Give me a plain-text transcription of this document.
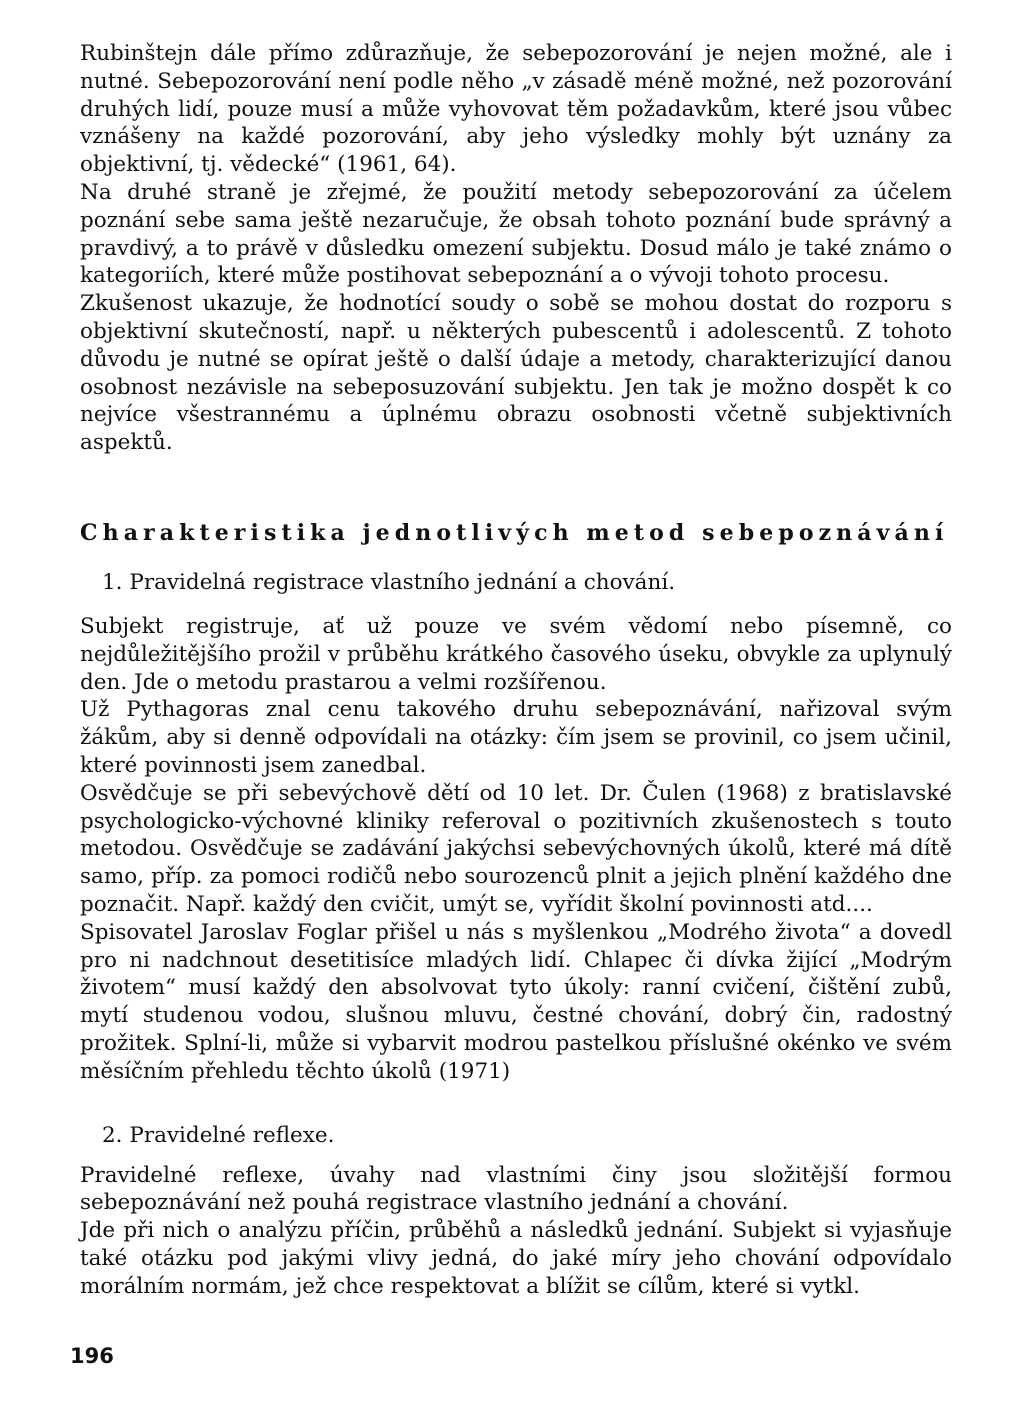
Rubinštejn dále přímo zdůrazňuje, že sebepozorování je nejen možné, ale i nutné. Sebepozorování není podle něho „v zásadě méně možné, než pozorování druhých lidí, pouze musí a může vyhovovat těm požadavkům, které jsou vůbec vznášeny na každé pozorování, aby jeho výsledky mohly být uznány za objektivní, tj. vědecké“ (1961, 64).

Na druhé straně je zřejmé, že použití metody sebepozorování za účelem poznání sebe sama ještě nezaručuje, že obsah tohoto poznání bude správný a pravdivý, a to právě v důsledku omezení subjektu. Dosud málo je také známo o kategoriích, které může postihovat sebepoznání a o vývoji tohoto procesu.

Zkušenost ukazuje, že hodnotící soudy o sobě se mohou dostat do rozporu s objektivní skutečností, např. u některých pubescentů i adolescentů. Z tohoto důvodu je nutné se opírat ještě o další údaje a metody, charakterizující danou osobnost nezávisle na sebeposuzování subjektu. Jen tak je možno dospět k co nejvíce všestrannému a úplnému obrazu osobnosti včetně subjektivních aspektů.

Charakteristika jednotlivých metod sebepoznávání

1. Pravidelná registrace vlastního jednání a chování.

Subjekt registruje, ať už pouze ve svém vědomí nebo písemně, co nejdůležitějšího prožil v průběhu krátkého časového úseku, obvykle za uplynulý den. Jde o metodu prastarou a velmi rozšířenou.

Už Pythagoras znal cenu takového druhu sebepoznávání, nařizoval svým žákům, aby si denně odpovídali na otázky: čím jsem se provinil, co jsem učinil, které povinnosti jsem zanedbal.

Osvědčuje se při sebevýchově dětí od 10 let. Dr. Čulen (1968) z bratislavské psychologicko-výchovné kliniky referoval o pozitivních zkušenostech s touto metodou. Osvědčuje se zadávání jakýchsi sebevýchovných úkolů, které má dítě samo, příp. za pomoci rodičů nebo sourozenců plnit a jejich plnění každého dne poznačit. Např. každý den cvičit, umýt se, vyřídit školní povinnosti atd....

Spisovatel Jaroslav Foglar přišel u nás s myšlenkou „Modrého života“ a dovedl pro ni nadchnout desetitisíce mladých lidí. Chlapec či dívka žijící „Modrým životem“ musí každý den absolvovat tyto úkoly: ranní cvičení, čištění zubů, mytí studenou vodou, slušnou mluvu, čestné chování, dobrý čin, radostný prožitek. Splní-li, může si vybarvit modrou pastelkou příslušné okénko ve svém měsíčním přehledu těchto úkolů (1971)

2. Pravidelné reflexe.

Pravidelné reflexe, úvahy nad vlastními činy jsou složitější formou sebepoznávání než pouhá registrace vlastního jednání a chování.

Jde při nich o analýzu příčin, průběhů a následků jednání. Subjekt si vyjasňuje také otázku pod jakými vlivy jedná, do jaké míry jeho chování odpovídalo morálním normám, jež chce respektovat a blížit se cílům, které si vytkl.

196
